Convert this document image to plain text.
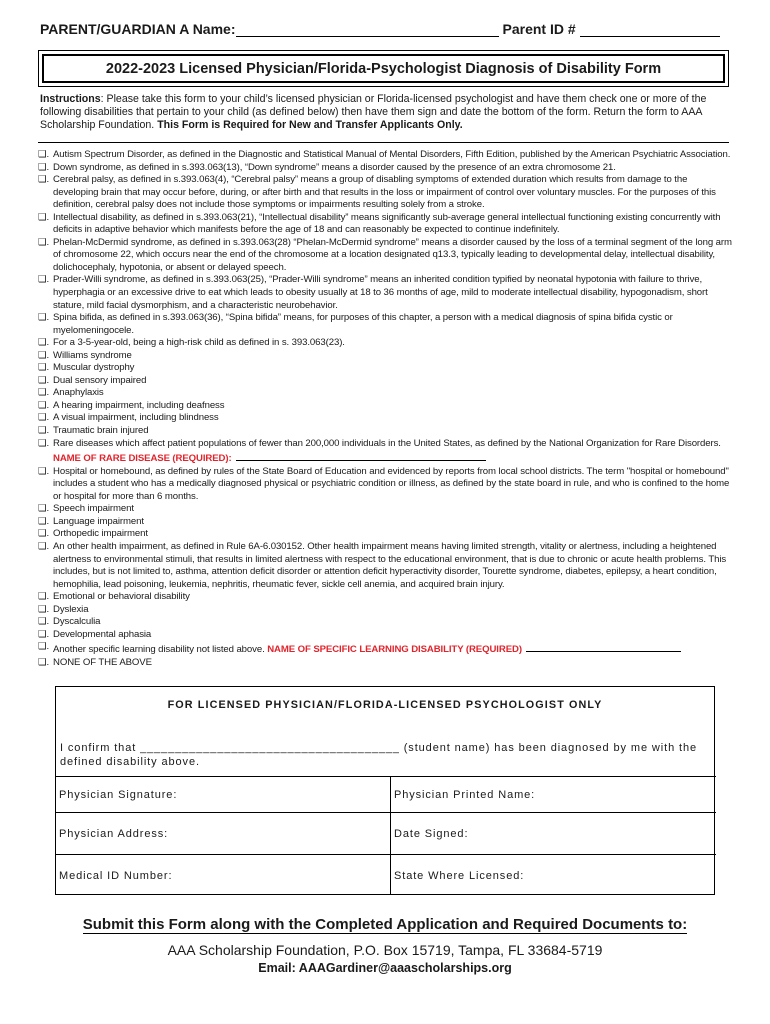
PARENT/GUARDIAN A Name:	Parent ID #
2022-2023 Licensed Physician/Florida-Psychologist Diagnosis of Disability Form
Instructions: Please take this form to your child’s licensed physician or Florida-licensed psychologist and have them check one or more of the following disabilities that pertain to your child (as defined below) then have them sign and date the bottom of the form. Return the form to AAA Scholarship Foundation. This Form is Required for New and Transfer Applicants Only.
❑. Autism Spectrum Disorder, as defined in the Diagnostic and Statistical Manual of Mental Disorders, Fifth Edition, published by the American Psychiatric Association.
❑. Down syndrome, as defined in s.393.063(13), “Down syndrome” means a disorder caused by the presence of an extra chromosome 21.
❑. Cerebral palsy, as defined in s.393.063(4), “Cerebral palsy” means a group of disabling symptoms of extended duration which results from damage to the developing brain that may occur before, during, or after birth and that results in the loss or impairment of control over voluntary muscles. For the purposes of this definition, cerebral palsy does not include those symptoms or impairments resulting solely from a stroke.
❑. Intellectual disability, as defined in s.393.063(21), “Intellectual disability” means significantly sub-average general intellectual functioning existing concurrently with deficits in adaptive behavior which manifests before the age of 18 and can reasonably be expected to continue indefinitely.
❑. Phelan-McDermid syndrome, as defined in s.393.063(28) “Phelan-McDermid syndrome” means a disorder caused by the loss of a terminal segment of the long arm of chromosome 22, which occurs near the end of the chromosome at a location designated q13.3, typically leading to developmental delay, intellectual disability, dolichocephaly, hypotonia, or absent or delayed speech.
❑. Prader-Willi syndrome, as defined in s.393.063(25), “Prader-Willi syndrome” means an inherited condition typified by neonatal hypotonia with failure to thrive, hyperphagia or an excessive drive to eat which leads to obesity usually at 18 to 36 months of age, mild to moderate intellectual disability, hypogonadism, short stature, mild facial dysmorphism, and a characteristic neurobehavior.
❑. Spina bifida, as defined in s.393.063(36), “Spina bifida” means, for purposes of this chapter, a person with a medical diagnosis of spina bifida cystic or myelomeningocele.
❑. For a 3-5-year-old, being a high-risk child as defined in s. 393.063(23).
❑. Williams syndrome
❑. Muscular dystrophy
❑. Dual sensory impaired
❑. Anaphylaxis
❑. A hearing impairment, including deafness
❑. A visual impairment, including blindness
❑. Traumatic brain injured
❑. Rare diseases which affect patient populations of fewer than 200,000 individuals in the United States, as defined by the National Organization for Rare Disorders. NAME OF RARE DISEASE (REQUIRED):
❑. Hospital or homebound, as defined by rules of the State Board of Education and evidenced by reports from local school districts. The term "hospital or homebound" includes a student who has a medically diagnosed physical or psychiatric condition or illness, as defined by the state board in rule, and who is confined to the home or hospital for more than 6 months.
❑. Speech impairment
❑. Language impairment
❑. Orthopedic impairment
❑. An other health impairment, as defined in Rule 6A-6.030152. Other health impairment means having limited strength, vitality or alertness, including a heightened alertness to environmental stimuli, that results in limited alertness with respect to the educational environment, that is due to chronic or acute health problems. This includes, but is not limited to, asthma, attention deficit disorder or attention deficit hyperactivity disorder, Tourette syndrome, diabetes, epilepsy, a heart condition, hemophilia, lead poisoning, leukemia, nephritis, rheumatic fever, sickle cell anemia, and acquired brain injury.
❑. Emotional or behavioral disability
❑. Dyslexia
❑. Dyscalculia
❑. Developmental aphasia
❑. Another specific learning disability not listed above. NAME OF SPECIFIC LEARNING DISABILITY (REQUIRED)
❑. NONE OF THE ABOVE
FOR LICENSED PHYSICIAN/FLORIDA-LICENSED PSYCHOLOGIST ONLY
I confirm that _____________________________________ (student name) has been diagnosed by me with the defined disability above.
Physician Signature:	Physician Printed Name:
Physician Address:	Date Signed:
Medical ID Number:	State Where Licensed:
Submit this Form along with the Completed Application and Required Documents to:
AAA Scholarship Foundation, P.O. Box 15719, Tampa, FL 33684-5719
Email: AAAGardiner@aaascholarships.org
